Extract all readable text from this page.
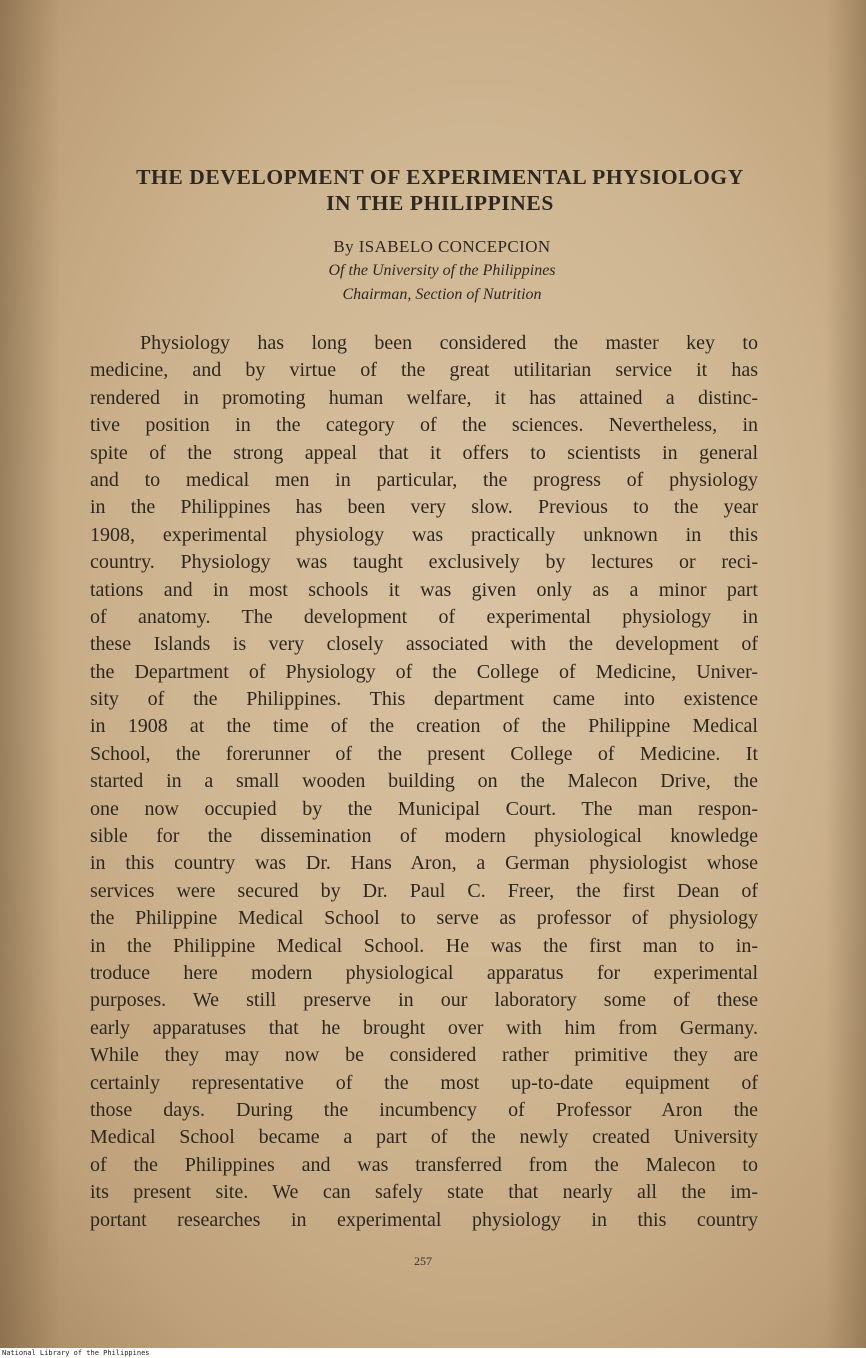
THE DEVELOPMENT OF EXPERIMENTAL PHYSIOLOGY
IN THE PHILIPPINES

By ISABELO CONCEPCION

Of the University of the Philippines

Chairman, Section of Nutrition

Physiology has long been considered the master key to
medicine, and by virtue of the great utilitarian service it has
rendered in promoting human welfare, it has attained a distinc-
tive position in the category of the sciences. Nevertheless, in
spite of the strong appeal that it offers to scientists in general
and to medical men in particular, the progress of physiology
in the Philippines has been very slow. Previous to the year
1908, experimental physiology was practically unknown in this
country. Physiology was taught exclusively by lectures or reci-
tations and in most schools it was given only as a minor part
of anatomy. The development of experimental physiology in
these Islands is very closely associated with the development of
the Department of Physiology of the College of Medicine, Univer-
sity of the Philippines. This department came into existence
in 1908 at the time of the creation of the Philippine Medical
School, the forerunner of the present College of Medicine. It
started in a small wooden building on the Malecon Drive, the
one now occupied by the Municipal Court. The man respon-
sible for the dissemination of modern physiological knowledge
in this country was Dr. Hans Aron, a German physiologist whose
services were secured by Dr. Paul C. Freer, the first Dean of
the Philippine Medical School to serve as professor of physiology
in the Philippine Medical School. He was the first man to in-
troduce here modern physiological apparatus for experimental
purposes. We still preserve in our laboratory some of these
early apparatuses that he brought over with him from Germany.
While they may now be considered rather primitive they are
certainly representative of the most up-to-date equipment of
those days. During the incumbency of Professor Aron the
Medical School became a part of the newly created University
of the Philippines and was transferred from the Malecon to
its present site. We can safely state that nearly all the im-
portant researches in experimental physiology in this country

257

National Library of the Philippines
